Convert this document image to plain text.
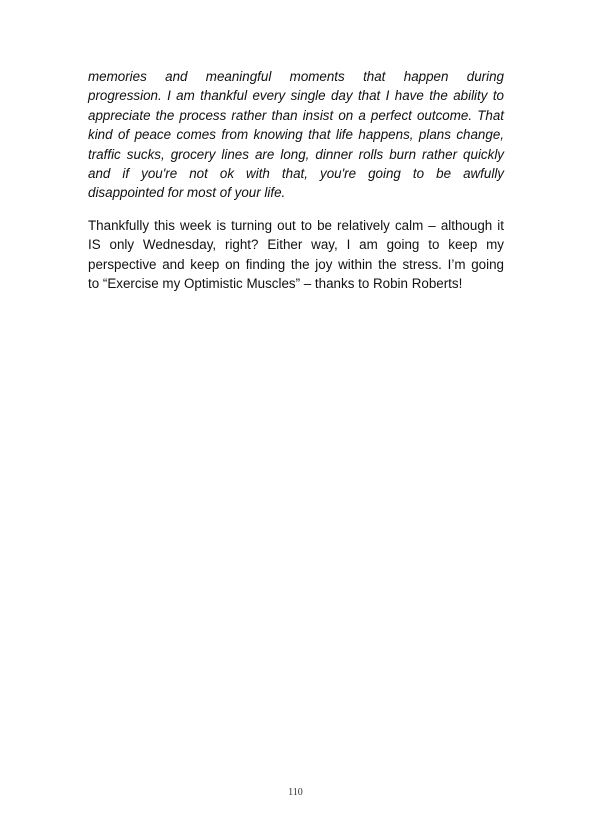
memories and meaningful moments that happen during
progression. I am thankful every single day that I have the ability to
appreciate the process rather than insist on a perfect outcome. That
kind of peace comes from knowing that life happens, plans change,
traffic sucks, grocery lines are long, dinner rolls burn rather quickly
and if you're not ok with that, you're going to be awfully
disappointed for most of your life.
Thankfully this week is turning out to be relatively calm – although it
IS only Wednesday, right? Either way, I am going to keep my
perspective and keep on finding the joy within the stress. I’m going
to “Exercise my Optimistic Muscles” – thanks to Robin Roberts!
110
